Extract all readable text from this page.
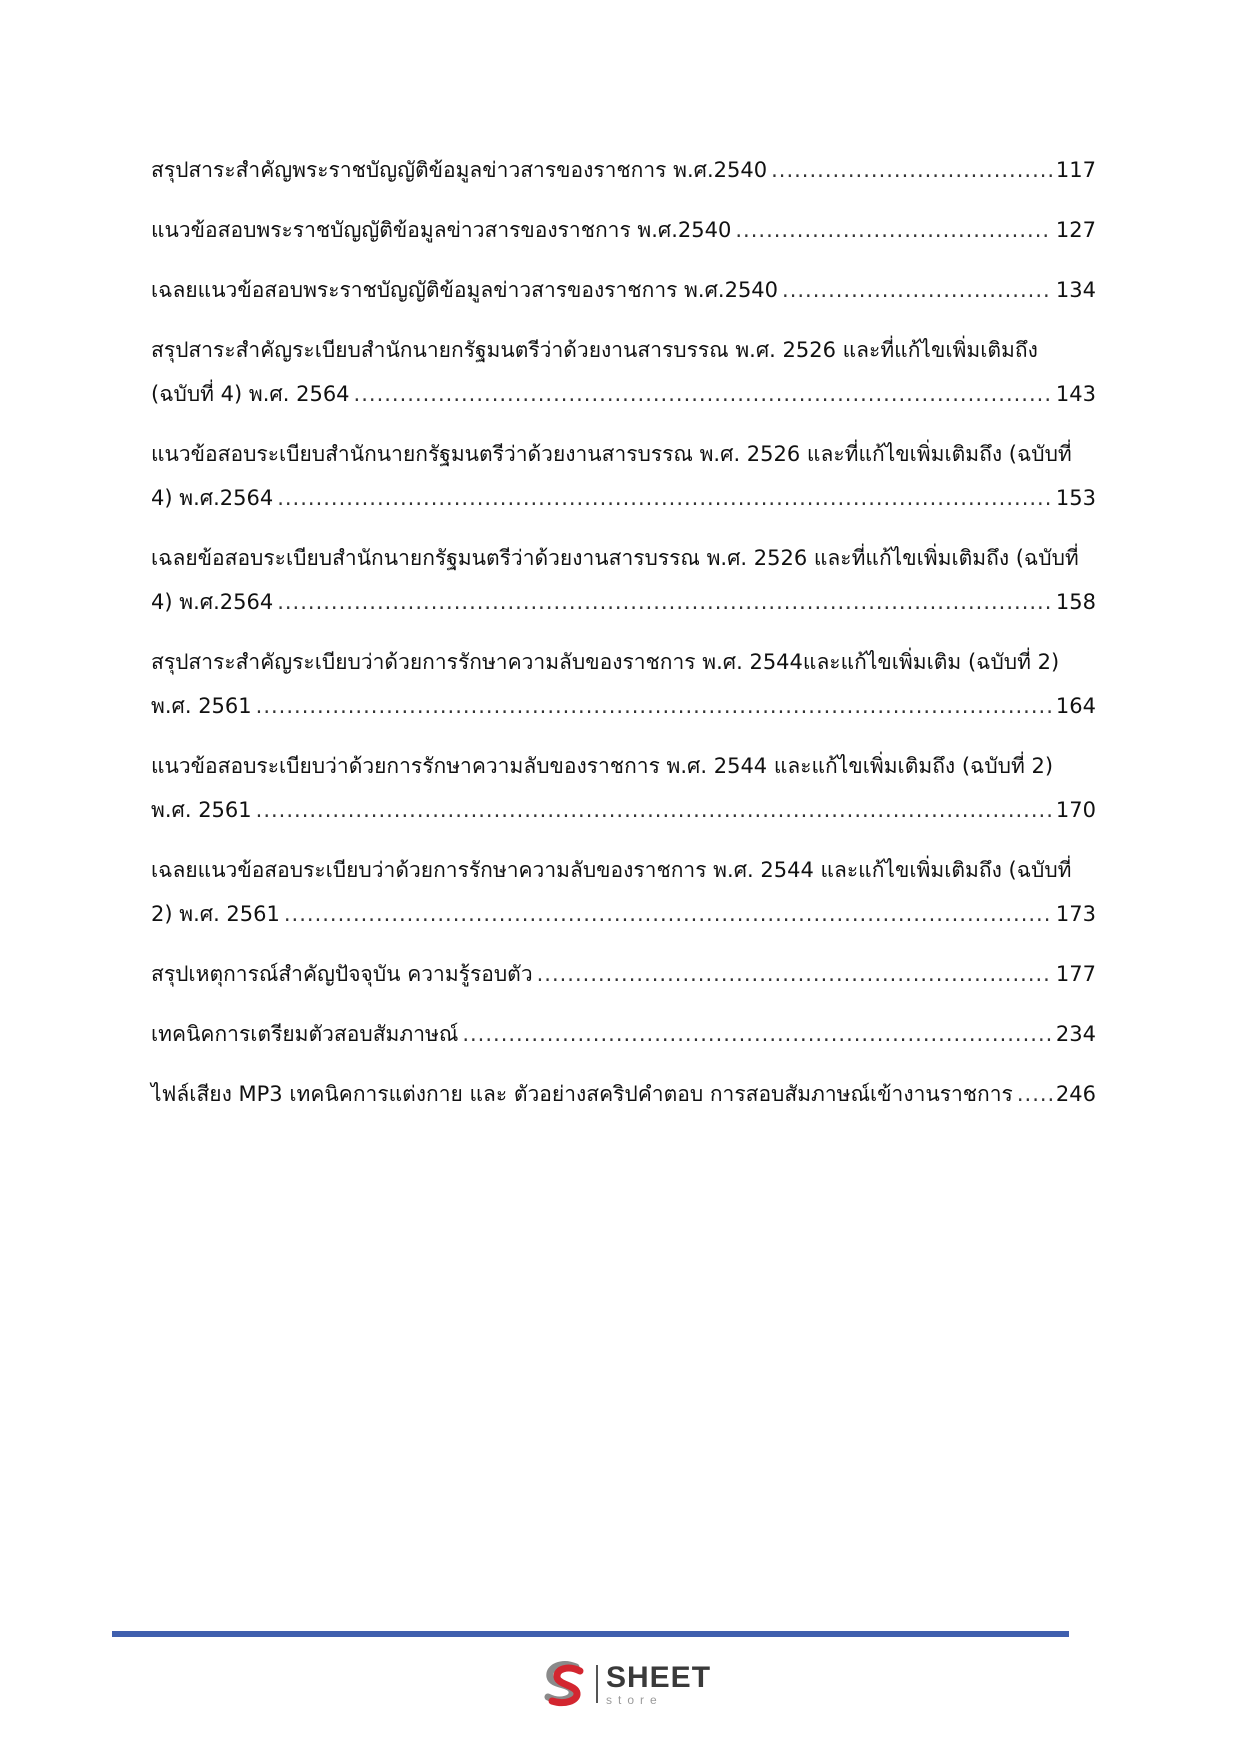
สรุปสาระสำคัญพระราชบัญญัติข้อมูลข่าวสารของราชการ พ.ศ.2540 .....	117
แนวข้อสอบพระราชบัญญัติข้อมูลข่าวสารของราชการ พ.ศ.2540 .....	127
เฉลยแนวข้อสอบพระราชบัญญัติข้อมูลข่าวสารของราชการ พ.ศ.2540 .....	134
สรุปสาระสำคัญระเบียบสำนักนายกรัฐมนตรีว่าด้วยงานสารบรรณ พ.ศ. 2526 และที่แก้ไขเพิ่มเติมถึง
(ฉบับที่ 4) พ.ศ. 2564 .....	143
แนวข้อสอบระเบียบสำนักนายกรัฐมนตรีว่าด้วยงานสารบรรณ พ.ศ. 2526 และที่แก้ไขเพิ่มเติมถึง (ฉบับที่
4) พ.ศ.2564 .....	153
เฉลยข้อสอบระเบียบสำนักนายกรัฐมนตรีว่าด้วยงานสารบรรณ พ.ศ. 2526 และที่แก้ไขเพิ่มเติมถึง (ฉบับที่
4) พ.ศ.2564 .....	158
สรุปสาระสำคัญระเบียบว่าด้วยการรักษาความลับของราชการ พ.ศ. 2544และแก้ไขเพิ่มเติม (ฉบับที่ 2)
พ.ศ. 2561 .....	164
แนวข้อสอบระเบียบว่าด้วยการรักษาความลับของราชการ พ.ศ. 2544 และแก้ไขเพิ่มเติมถึง (ฉบับที่ 2)
พ.ศ. 2561 .....	170
เฉลยแนวข้อสอบระเบียบว่าด้วยการรักษาความลับของราชการ พ.ศ. 2544 และแก้ไขเพิ่มเติมถึง (ฉบับที่
2) พ.ศ. 2561 .....	173
สรุปเหตุการณ์สำคัญปัจจุบัน ความรู้รอบตัว .....	177
เทคนิคการเตรียมตัวสอบสัมภาษณ์ .....	234
ไฟล์เสียง MP3 เทคนิคการแต่งกาย และ ตัวอย่างสคริปคำตอบ การสอบสัมภาษณ์เข้างานราชการ ..... 246
SHEET
store
